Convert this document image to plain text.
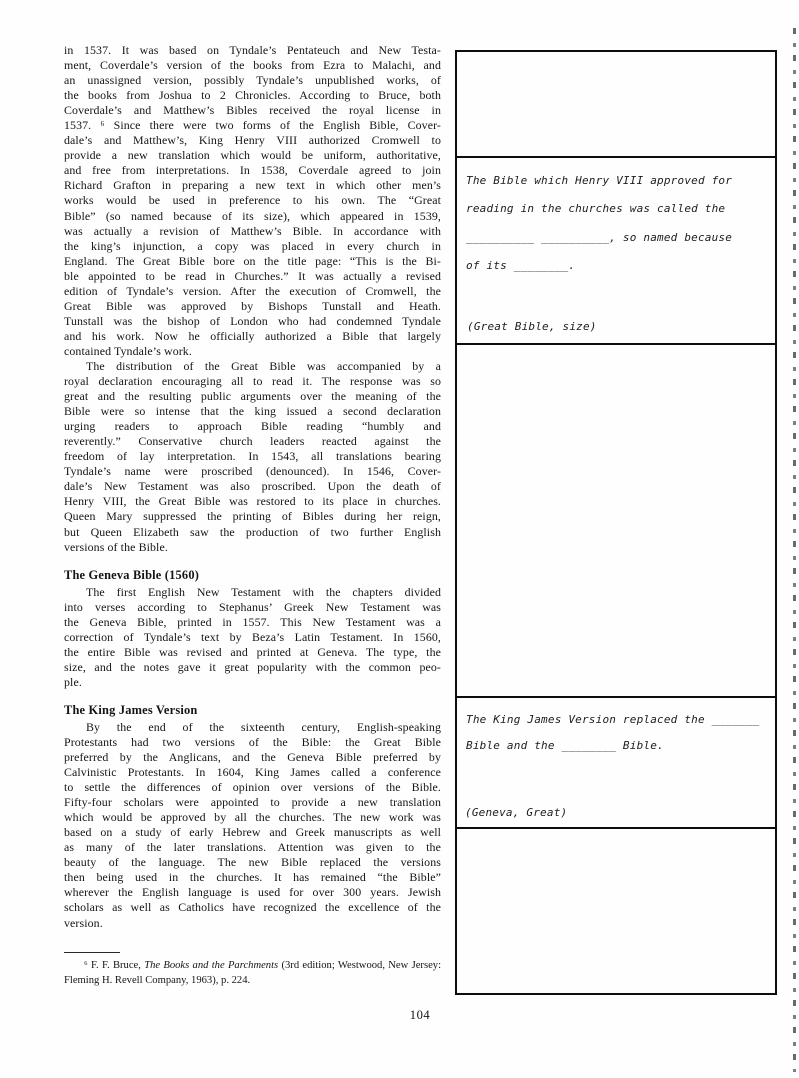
in 1537. It was based on Tyndale’s Pentateuch and New Testa-
ment, Coverdale’s version of the books from Ezra to Malachi, and
an unassigned version, possibly Tyndale’s unpublished works, of
the books from Joshua to 2 Chronicles. According to Bruce, both
Coverdale’s and Matthew’s Bibles received the royal license in
1537. ⁶ Since there were two forms of the English Bible, Cover-
dale’s and Matthew’s, King Henry VIII authorized Cromwell to
provide a new translation which would be uniform, authoritative,
and free from interpretations. In 1538, Coverdale agreed to join
Richard Grafton in preparing a new text in which other men’s
works would be used in preference to his own. The “Great
Bible” (so named because of its size), which appeared in 1539,
was actually a revision of Matthew’s Bible. In accordance with
the king’s injunction, a copy was placed in every church in
England. The Great Bible bore on the title page: “This is the Bi-
ble appointed to be read in Churches.” It was actually a revised
edition of Tyndale’s version. After the execution of Cromwell, the
Great Bible was approved by Bishops Tunstall and Heath.
Tunstall was the bishop of London who had condemned Tyndale
and his work. Now he officially authorized a Bible that largely
contained Tyndale’s work.
The distribution of the Great Bible was accompanied by a
royal declaration encouraging all to read it. The response was so
great and the resulting public arguments over the meaning of the
Bible were so intense that the king issued a second declaration
urging readers to approach Bible reading “humbly and
reverently.” Conservative church leaders reacted against the
freedom of lay interpretation. In 1543, all translations bearing
Tyndale’s name were proscribed (denounced). In 1546, Cover-
dale’s New Testament was also proscribed. Upon the death of
Henry VIII, the Great Bible was restored to its place in churches.
Queen Mary suppressed the printing of Bibles during her reign,
but Queen Elizabeth saw the production of two further English
versions of the Bible.
The Geneva Bible (1560)
The first English New Testament with the chapters divided
into verses according to Stephanus’ Greek New Testament was
the Geneva Bible, printed in 1557. This New Testament was a
correction of Tyndale’s text by Beza’s Latin Testament. In 1560,
the entire Bible was revised and printed at Geneva. The type, the
size, and the notes gave it great popularity with the common peo-
ple.
The King James Version
By the end of the sixteenth century, English-speaking
Protestants had two versions of the Bible: the Great Bible
preferred by the Anglicans, and the Geneva Bible preferred by
Calvinistic Protestants. In 1604, King James called a conference
to settle the differences of opinion over versions of the Bible.
Fifty-four scholars were appointed to provide a new translation
which would be approved by all the churches. The new work was
based on a study of early Hebrew and Greek manuscripts as well
as many of the later translations. Attention was given to the
beauty of the language. The new Bible replaced the versions
then being used in the churches. It has remained “the Bible”
wherever the English language is used for over 300 years. Jewish
scholars as well as Catholics have recognized the excellence of the
version.
⁶ F. F. Bruce, The Books and the Parchments (3rd edition; Westwood, New Jersey: Fleming H. Revell Company, 1963), p. 224.
The Bible which Henry VIII approved for
reading in the churches was called the
__________ __________, so named because
of its ________.
(Great Bible, size)
The King James Version replaced the _______
Bible and the ________ Bible.
(Geneva, Great)
104
